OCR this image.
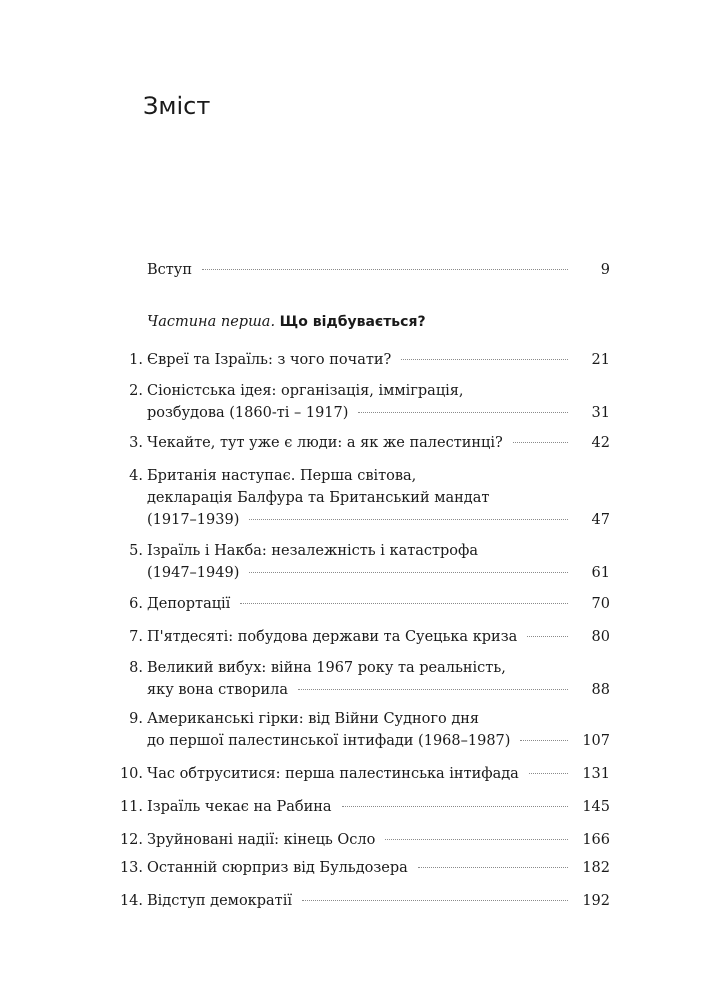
Зміст
Вступ	9
Частина перша. Що відбувається?
1. Євреї та Ізраїль: з чого почати?	21
2. Сіоністська ідея: організація, імміграція,
розбудова (1860-ті – 1917)	31
3. Чекайте, тут уже є люди: а як же палестинці?	42
4. Британія наступає. Перша світова,
декларація Балфура та Британський мандат
(1917–1939)	47
5. Ізраїль і Накба: незалежність і катастрофа
(1947–1949)	61
6. Депортації	70
7. П'ятдесяті: побудова держави та Суецька криза	80
8. Великий вибух: війна 1967 року та реальність,
яку вона створила	88
9. Американські гірки: від Війни Судного дня
до першої палестинської інтифади (1968–1987)	107
10. Час обтруситися: перша палестинська інтифада	131
11. Ізраїль чекає на Рабина	145
12. Зруйновані надії: кінець Осло	166
13. Останній сюрприз від Бульдозера	182
14. Відступ демократії	192
